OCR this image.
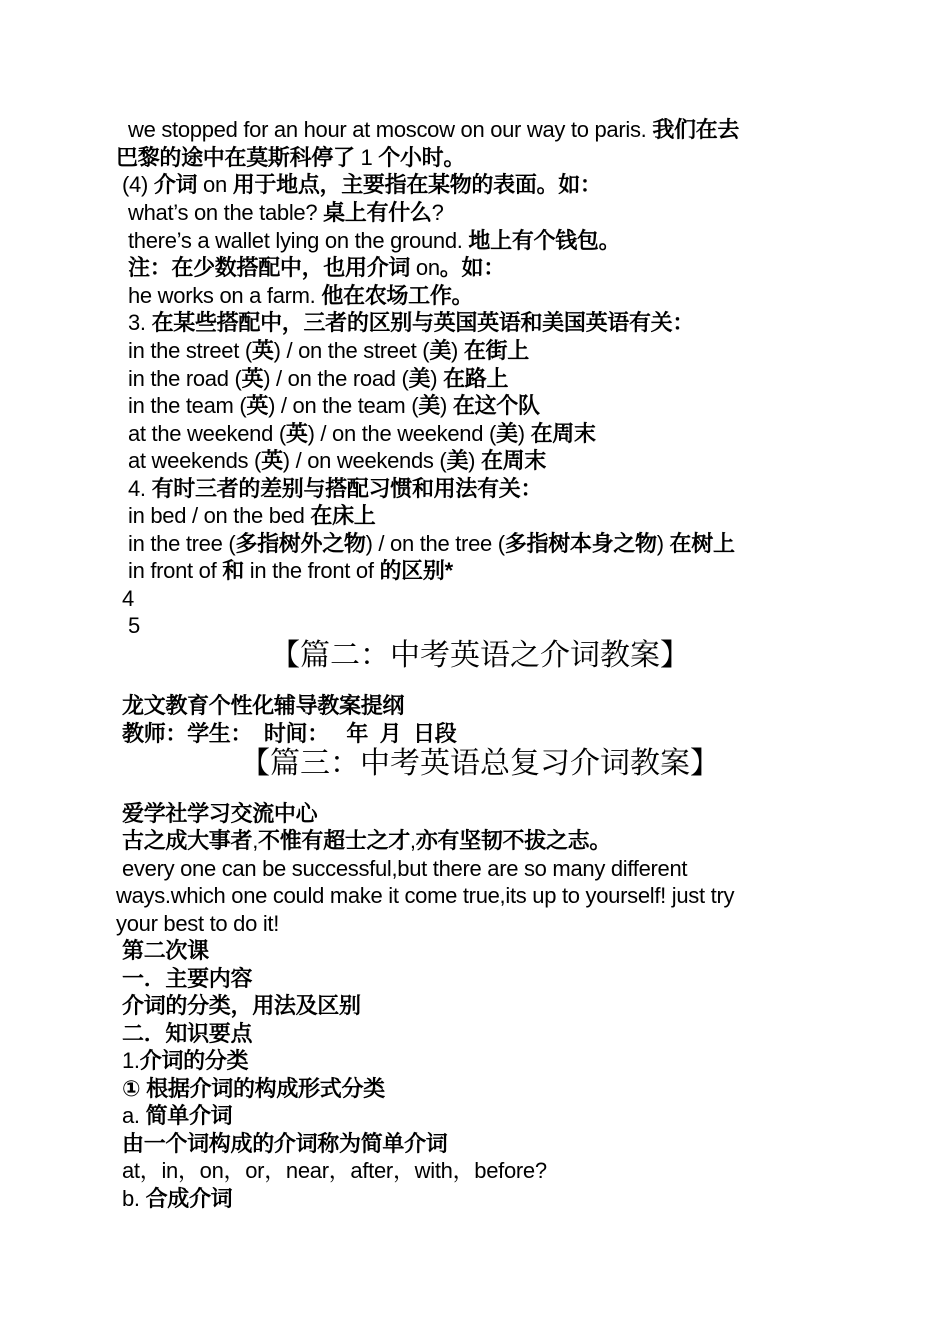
we stopped for an hour at moscow on our way to paris. 我们在去
巴黎的途中在莫斯科停了 1 个小时。
(4) 介词 on 用于地点，主要指在某物的表面。如：
what’s on the table? 桌上有什么?
there’s a wallet lying on the ground. 地上有个钱包。
注：在少数搭配中，也用介词 on。如：
he works on a farm. 他在农场工作。
3. 在某些搭配中，三者的区别与英国英语和美国英语有关：
in the street (英) / on the street (美) 在街上
in the road (英) / on the road (美) 在路上
in the team (英) / on the team (美) 在这个队
at the weekend (英) / on the weekend (美) 在周末
at weekends (英) / on weekends (美) 在周末
4. 有时三者的差别与搭配习惯和用法有关：
in bed / on the bed 在床上
in the tree (多指树外之物) / on the tree (多指树本身之物) 在树上
in front of 和 in the front of 的区别*
4
5
【篇二：中考英语之介词教案】
龙文教育个性化辅导教案提纲
教师：学生：  时间：   年  月  日段
【篇三：中考英语总复习介词教案】
爱学社学习交流中心
古之成大事者,不惟有超士之才,亦有坚韧不拔之志。
every one can be successful,but there are so many different
ways.which one could make it come true,its up to yourself! just try
your best to do it!
第二次课
一．主要内容
介词的分类，用法及区别
二．知识要点
1.介词的分类
① 根据介词的构成形式分类
a. 简单介词
由一个词构成的介词称为简单介词
at，in，on，or，near，after，with，before?
b. 合成介词
